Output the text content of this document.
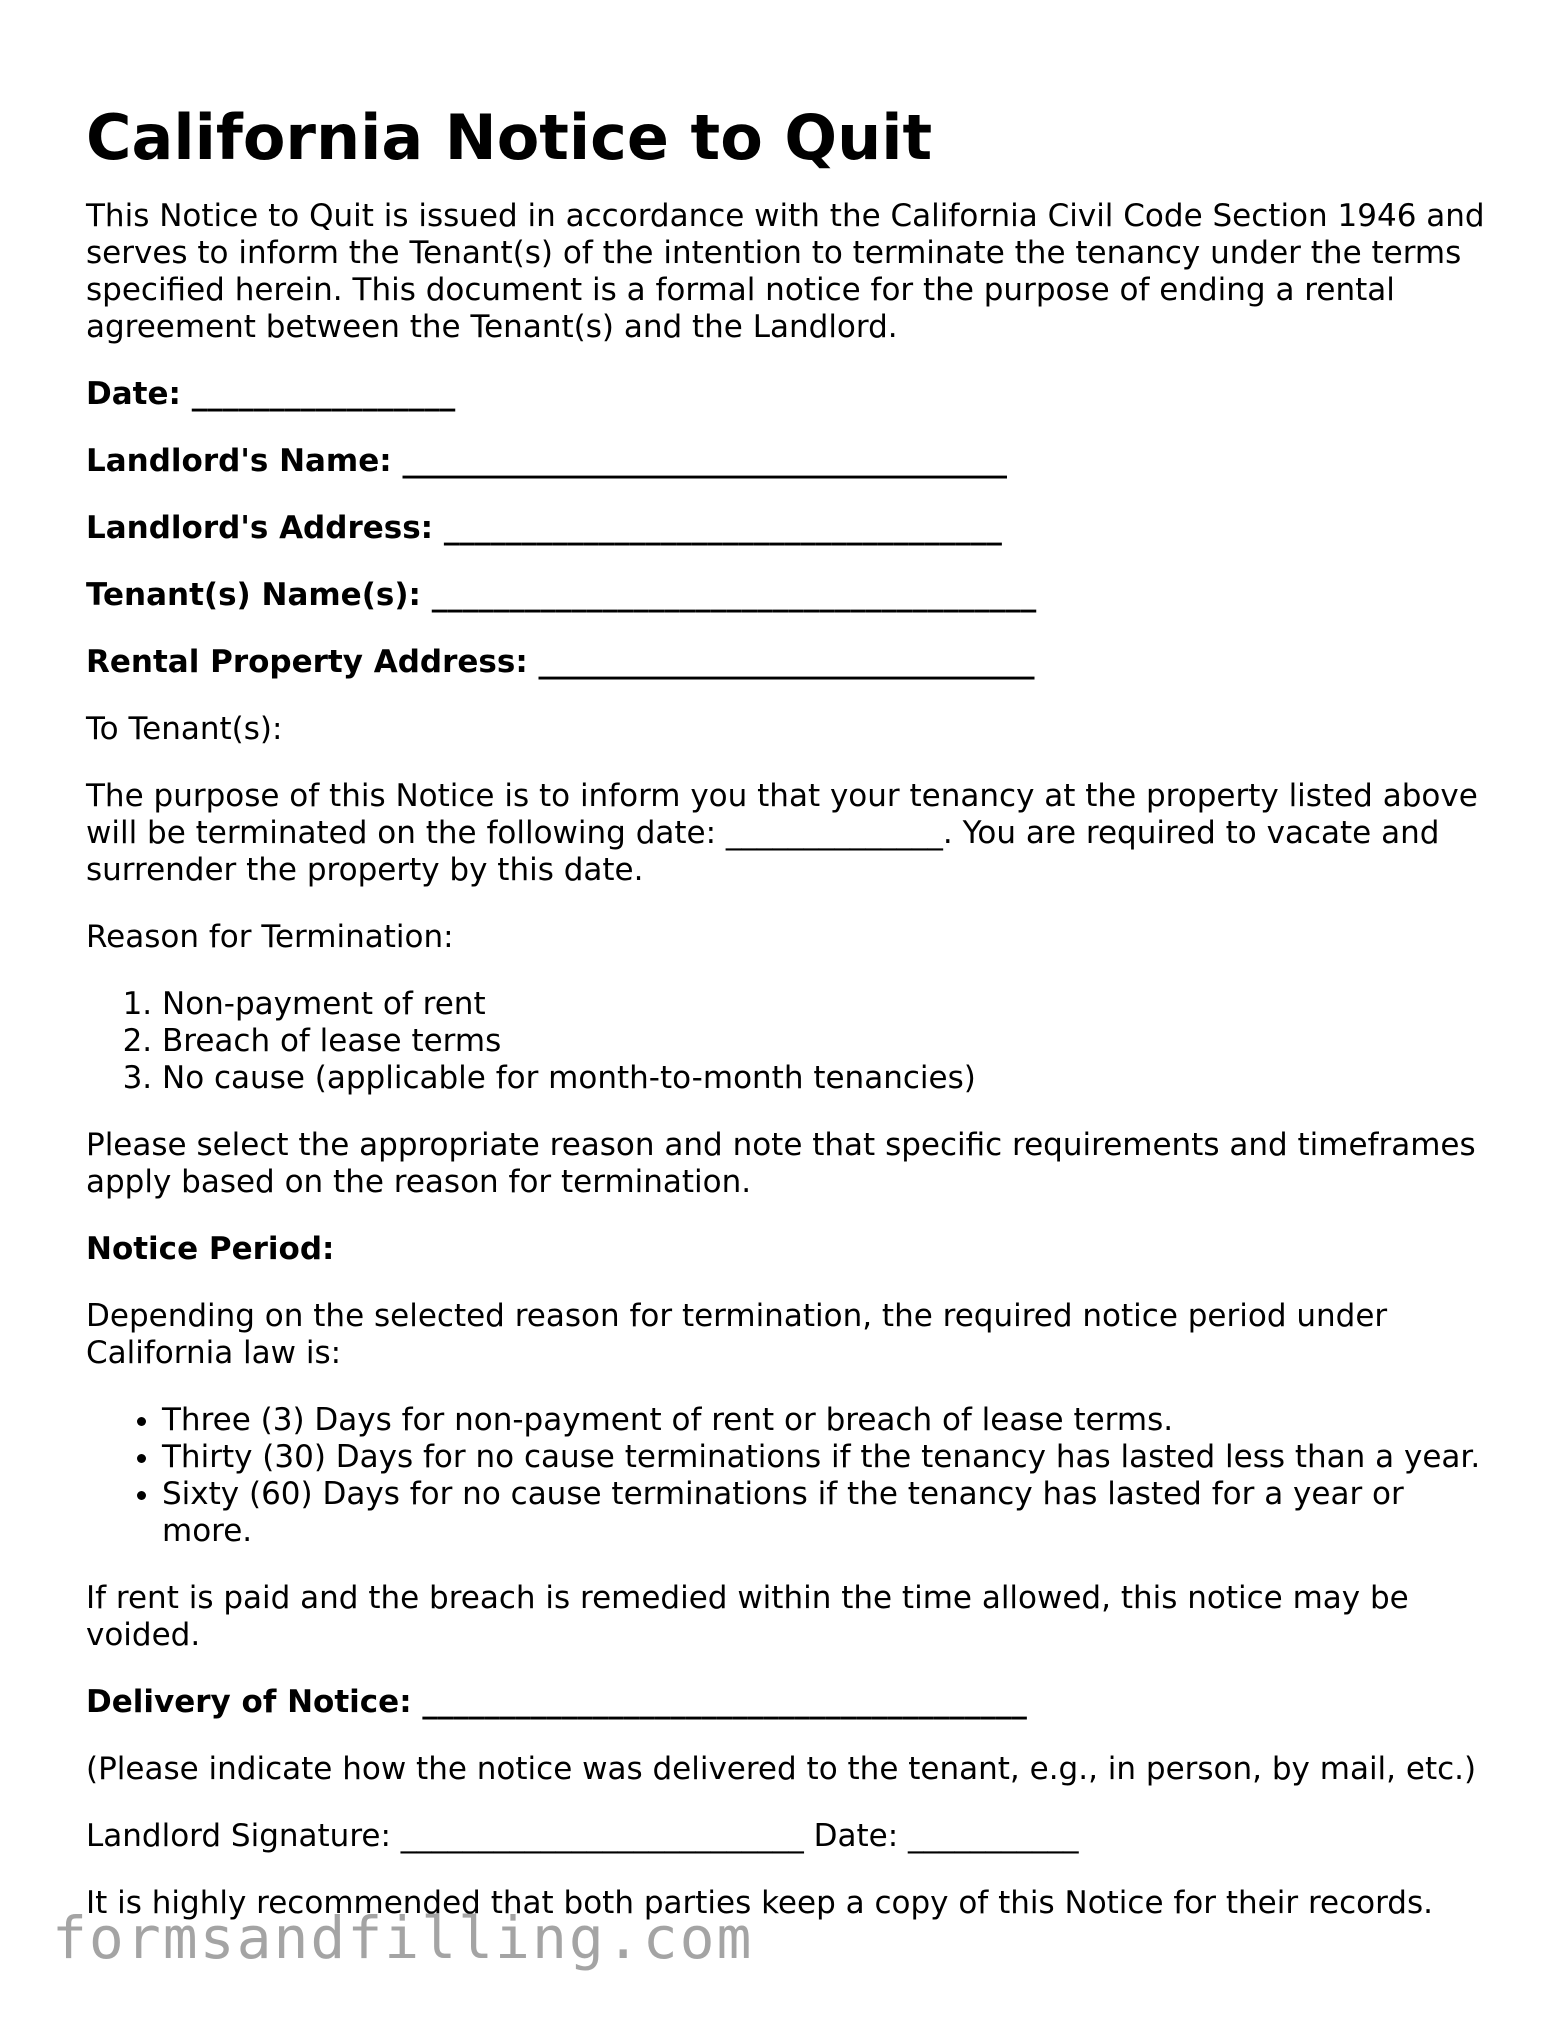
California Notice to Quit

This Notice to Quit is issued in accordance with the California Civil Code Section 1946 and serves to inform the Tenant(s) of the intention to terminate the tenancy under the terms specified herein. This document is a formal notice for the purpose of ending a rental agreement between the Tenant(s) and the Landlord.

Date: _________________
Landlord's Name: _______________________________________
Landlord's Address: ____________________________________
Tenant(s) Name(s): _______________________________________
Rental Property Address: ________________________________

To Tenant(s):

The purpose of this Notice is to inform you that your tenancy at the property listed above will be terminated on the following date: ______________. You are required to vacate and surrender the property by this date.

Reason for Termination:

1. Non-payment of rent
2. Breach of lease terms
3. No cause (applicable for month-to-month tenancies)

Please select the appropriate reason and note that specific requirements and timeframes apply based on the reason for termination.

Notice Period:

Depending on the selected reason for termination, the required notice period under California law is:

• Three (3) Days for non-payment of rent or breach of lease terms.
• Thirty (30) Days for no cause terminations if the tenancy has lasted less than a year.
• Sixty (60) Days for no cause terminations if the tenancy has lasted for a year or more.

If rent is paid and the breach is remedied within the time allowed, this notice may be voided.

Delivery of Notice: _______________________________________

(Please indicate how the notice was delivered to the tenant, e.g., in person, by mail, etc.)

Landlord Signature: __________________________ Date: ___________

It is highly recommended that both parties keep a copy of this Notice for their records.

formsandfilling.com
